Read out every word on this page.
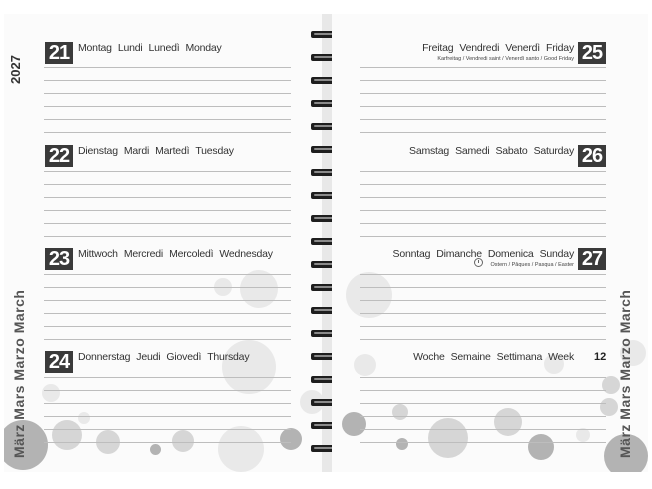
2027
März Mars Marzo March
21 Montag Lundi Lunedì Monday
22 Dienstag Mardi Martedì Tuesday
23 Mittwoch Mercredi Mercoledì Wednesday
24 Donnerstag Jeudi Giovedì Thursday	März Mars Marzo March
Freitag Vendredi Venerdì Friday
Karfreitag / Vendredi saint / Venerdì santo / Good Friday 25
Samstag Samedi Sabato Saturday 26
Sonntag Dimanche Domenica Sunday
Ostern / Pâques / Pasqua / Easter 27
Woche Semaine Settimana Week 12
